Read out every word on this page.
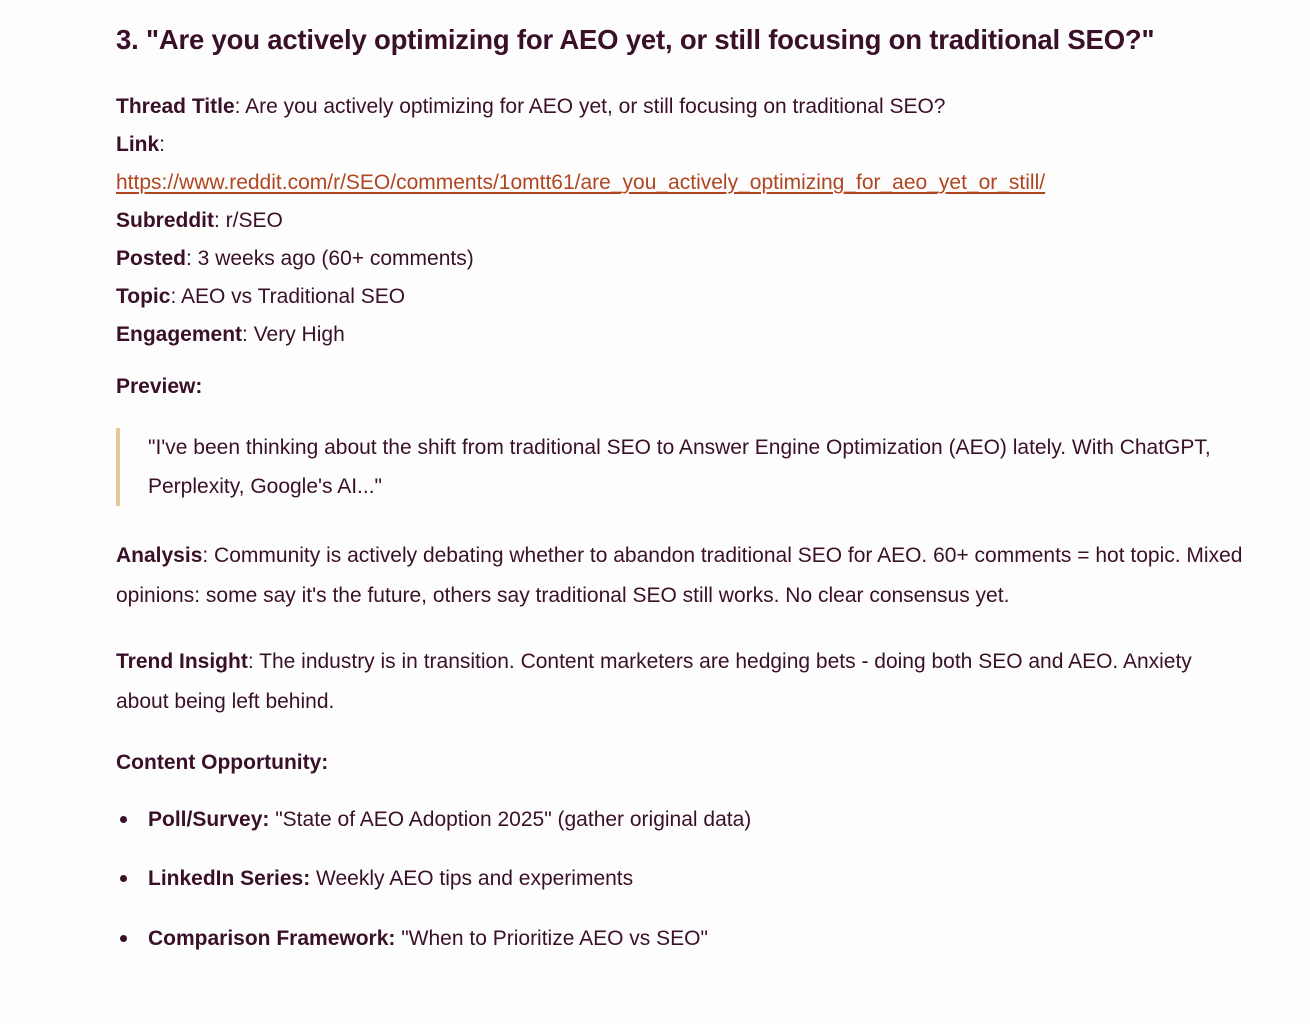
3. "Are you actively optimizing for AEO yet, or still focusing on traditional SEO?"
Thread Title: Are you actively optimizing for AEO yet, or still focusing on traditional SEO?
Link:
https://www.reddit.com/r/SEO/comments/1omtt61/are_you_actively_optimizing_for_aeo_yet_or_still/
Subreddit: r/SEO
Posted: 3 weeks ago (60+ comments)
Topic: AEO vs Traditional SEO
Engagement: Very High
Preview:
"I've been thinking about the shift from traditional SEO to Answer Engine Optimization (AEO) lately. With ChatGPT, Perplexity, Google's AI..."

Analysis: Community is actively debating whether to abandon traditional SEO for AEO. 60+ comments = hot topic. Mixed opinions: some say it's the future, others say traditional SEO still works. No clear consensus yet.

Trend Insight: The industry is in transition. Content marketers are hedging bets - doing both SEO and AEO. Anxiety about being left behind.

Content Opportunity:
Poll/Survey: "State of AEO Adoption 2025" (gather original data)
LinkedIn Series: Weekly AEO tips and experiments
Comparison Framework: "When to Prioritize AEO vs SEO"
